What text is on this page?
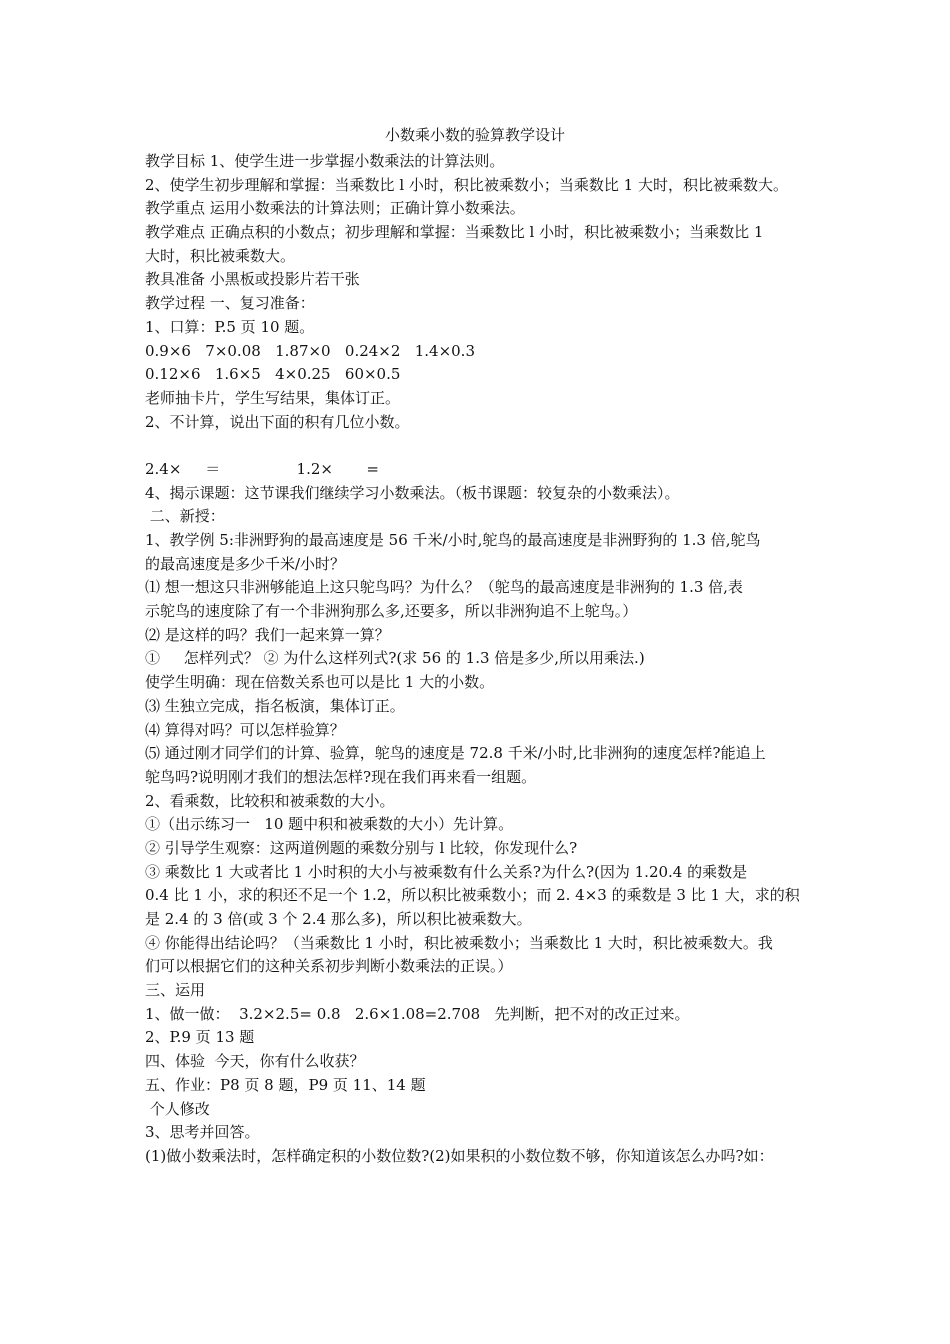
小数乘小数的验算教学设计
教学目标 1、使学生进一步掌握小数乘法的计算法则。
2、使学生初步理解和掌握：当乘数比 l 小时，积比被乘数小；当乘数比 1 大时，积比被乘数大。
教学重点 运用小数乘法的计算法则；正确计算小数乘法。
教学难点 正确点积的小数点；初步理解和掌握：当乘数比 l 小时，积比被乘数小；当乘数比 1
大时，积比被乘数大。
教具准备 小黑板或投影片若干张
教学过程 一、复习准备：
1、口算：P.5 页 10 题。
0.9×6   7×0.08   1.87×0   0.24×2   1.4×0.3
0.12×6   1.6×5   4×0.25   60×0.5
老师抽卡片，学生写结果，集体订正。
2、不计算，说出下面的积有几位小数。
2.4×     ＝                1.2×       =
4、揭示课题：这节课我们继续学习小数乘法。（板书课题：较复杂的小数乘法）。
二、新授：
1、教学例 5:非洲野狗的最高速度是 56 千米/小时,鸵鸟的最高速度是非洲野狗的 1.3 倍,鸵鸟
的最高速度是多少千米/小时？
⑴ 想一想这只非洲够能追上这只鸵鸟吗？为什么？（鸵鸟的最高速度是非洲狗的 1.3 倍,表
示鸵鸟的速度除了有一个非洲狗那么多,还要多，所以非洲狗追不上鸵鸟。）
⑵ 是这样的吗？我们一起来算一算？
①     怎样列式？ ② 为什么这样列式?(求 56 的 1.3 倍是多少,所以用乘法.)
使学生明确：现在倍数关系也可以是比 1 大的小数。
⑶ 生独立完成，指名板演，集体订正。
⑷ 算得对吗？可以怎样验算？
⑸ 通过刚才同学们的计算、验算，鸵鸟的速度是 72.8 千米/小时,比非洲狗的速度怎样?能追上
鸵鸟吗?说明刚才我们的想法怎样?现在我们再来看一组题。
2、看乘数，比较积和被乘数的大小。
①（出示练习一   10 题中积和被乘数的大小）先计算。
② 引导学生观察：这两道例题的乘数分别与 l 比较，你发现什么?
③ 乘数比 1 大或者比 1 小时积的大小与被乘数有什么关系?为什么?(因为 1.20.4 的乘数是
0.4 比 1 小，求的积还不足一个 1.2，所以积比被乘数小；而 2. 4×3 的乘数是 3 比 1 大，求的积
是 2.4 的 3 倍(或 3 个 2.4 那么多)，所以积比被乘数大。
④ 你能得出结论吗？（当乘数比 1 小时，积比被乘数小；当乘数比 1 大时，积比被乘数大。我
们可以根据它们的这种关系初步判断小数乘法的正误。）
三、运用
1、做一做：  3.2×2.5= 0.8   2.6×1.08=2.708   先判断，把不对的改正过来。
2、P.9 页 13 题
四、体验  今天，你有什么收获？
五、作业：P8 页 8 题，P9 页 11、14 题
个人修改
3、思考并回答。
(1)做小数乘法时，怎样确定积的小数位数?(2)如果积的小数位数不够，你知道该怎么办吗?如：
